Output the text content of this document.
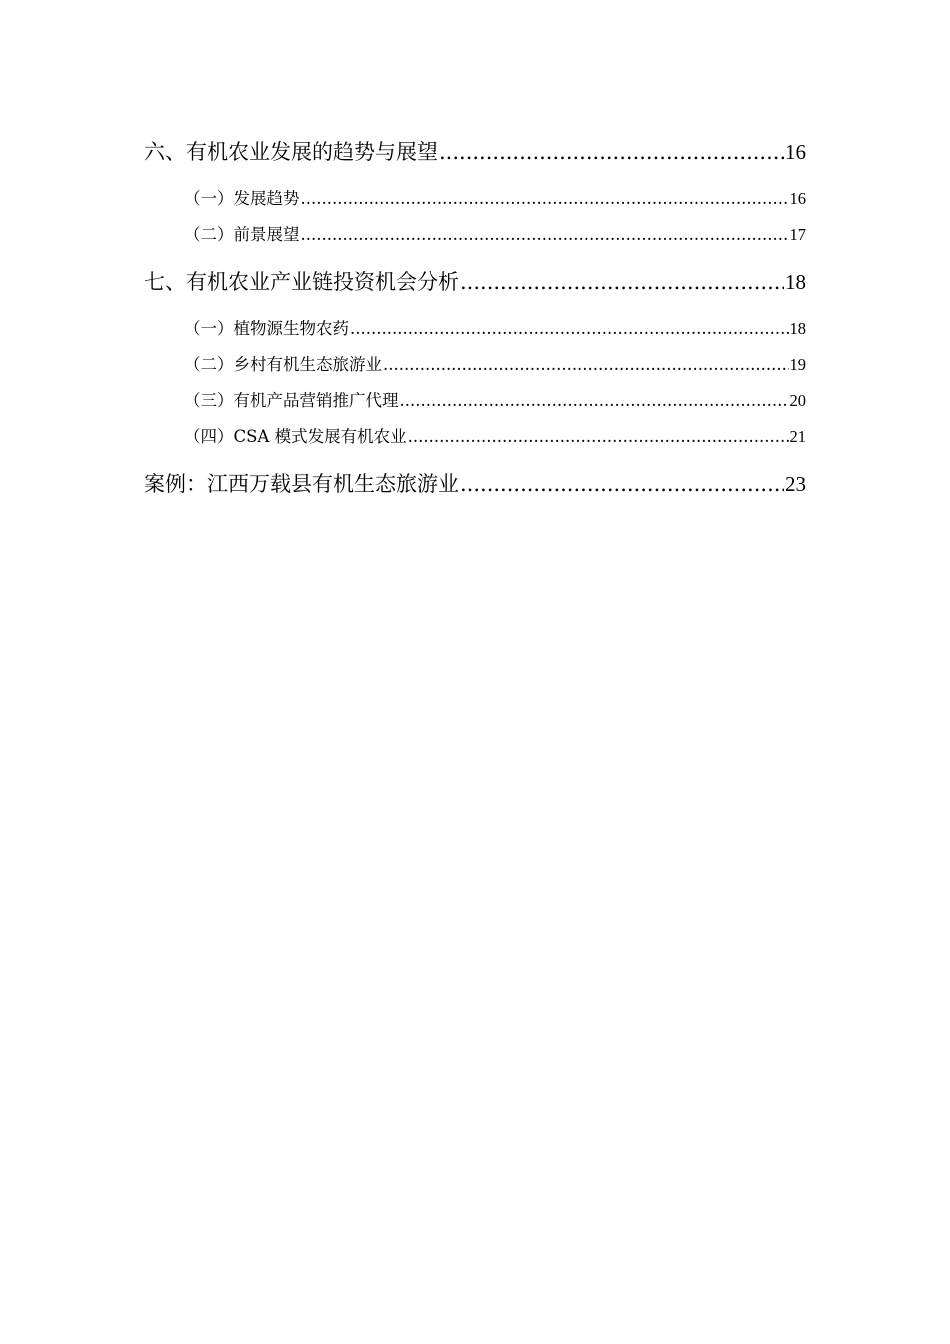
六、有机农业发展的趋势与展望 .....	16
（一）发展趋势 .....	16
（二）前景展望 .....	17
七、有机农业产业链投资机会分析 .....	18
（一）植物源生物农药 .....	18
（二）乡村有机生态旅游业 .....	19
（三）有机产品营销推广代理 .....	20
（四）CSA 模式发展有机农业 .....	21
案例：江西万载县有机生态旅游业 .....	23
